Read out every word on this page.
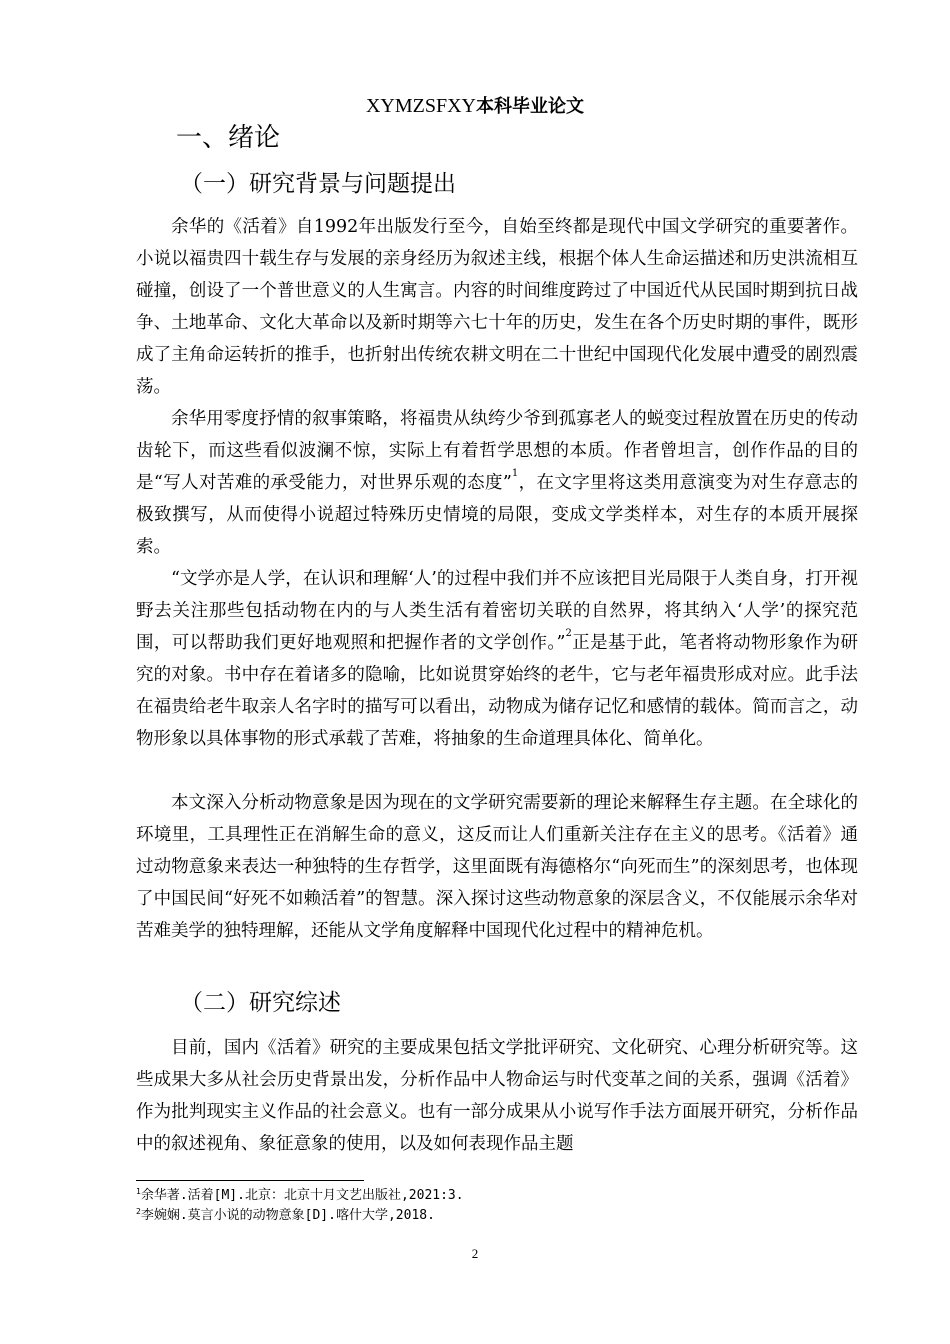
XYMZSFXY本科毕业论文
一、绪论
（一）研究背景与问题提出

余华的《活着》自1992年出版发行至今，自始至终都是现代中国文学研究的重要著作。小说以福贵四十载生存与发展的亲身经历为叙述主线，根据个体人生命运描述和历史洪流相互碰撞，创设了一个普世意义的人生寓言。内容的时间维度跨过了中国近代从民国时期到抗日战争、土地革命、文化大革命以及新时期等六七十年的历史，发生在各个历史时期的事件，既形成了主角命运转折的推手，也折射出传统农耕文明在二十世纪中国现代化发展中遭受的剧烈震荡。

余华用零度抒情的叙事策略，将福贵从纨绔少爷到孤寡老人的蜕变过程放置在历史的传动齿轮下，而这些看似波澜不惊，实际上有着哲学思想的本质。作者曾坦言，创作作品的目的是“写人对苦难的承受能力，对世界乐观的态度”$^1$，在文字里将这类用意演变为对生存意志的极致撰写，从而使得小说超过特殊历史情境的局限，变成文学类样本，对生存的本质开展探索。

“文学亦是人学，在认识和理解‘人’的过程中我们并不应该把目光局限于人类自身，打开视野去关注那些包括动物在内的与人类生活有着密切关联的自然界，将其纳入‘人学’的探究范围，可以帮助我们更好地观照和把握作者的文学创作。”$^2$正是基于此，笔者将动物形象作为研究的对象。书中存在着诸多的隐喻，比如说贯穿始终的老牛，它与老年福贵形成对应。此手法在福贵给老牛取亲人名字时的描写可以看出，动物成为储存记忆和感情的载体。简而言之，动物形象以具体事物的形式承载了苦难，将抽象的生命道理具体化、简单化。

本文深入分析动物意象是因为现在的文学研究需要新的理论来解释生存主题。在全球化的环境里，工具理性正在消解生命的意义，这反而让人们重新关注存在主义的思考。《活着》通过动物意象来表达一种独特的生存哲学，这里面既有海德格尔“向死而生”的深刻思考，也体现了中国民间“好死不如赖活着”的智慧。深入探讨这些动物意象的深层含义，不仅能展示余华对苦难美学的独特理解，还能从文学角度解释中国现代化过程中的精神危机。

（二）研究综述

目前，国内《活着》研究的主要成果包括文学批评研究、文化研究、心理分析研究等。这些成果大多从社会历史背景出发，分析作品中人物命运与时代变革之间的关系，强调《活着》作为批判现实主义作品的社会意义。也有一部分成果从小说写作手法方面展开研究，分析作品中的叙述视角、象征意象的使用，以及如何表现作品主题

$^1$余华著.活着[M].北京：北京十月文艺出版社,2021:3.
$^2$李婉娴.莫言小说的动物意象[D].喀什大学,2018.
2
